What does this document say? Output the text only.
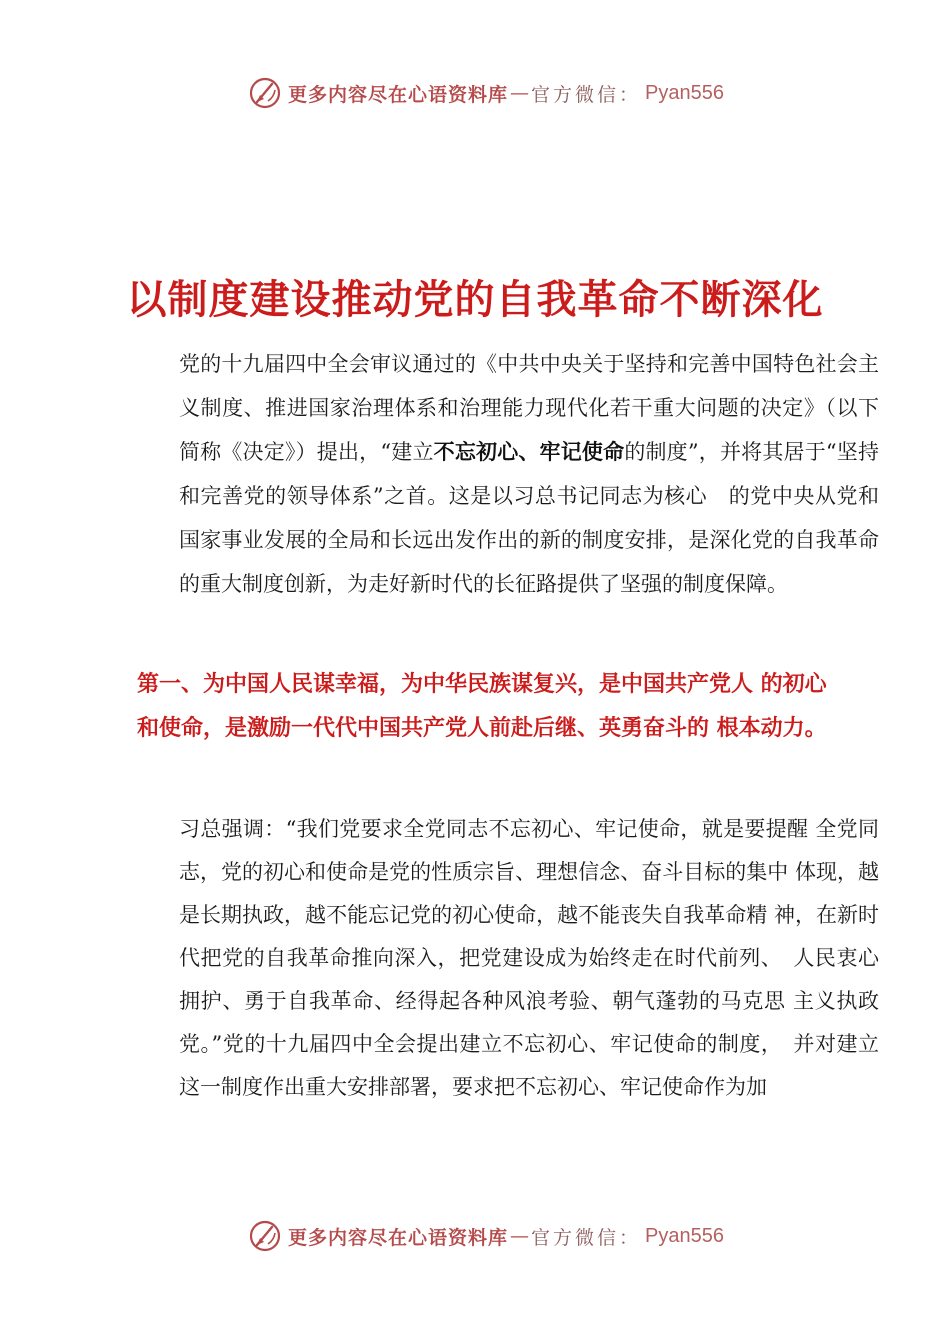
更多内容尽在心语资料库 — 官方微信： Pyan556
以制度建设推动党的自我革命不断深化

党的十九届四中全会审议通过的《中共中央关于坚持和完善中国特色社会主义制度、推进国家治理体系和治理能力现代化若干重大问题的决定》（以下简称《决定》）提出，“建立不忘初心、牢记使命的制度”，并将其居于“坚持和完善党的领导体系”之首。这是以习总书记同志为核心　的党中央从党和国家事业发展的全局和长远出发作出的新的制度安排，是深化党的自我革命的重大制度创新，为走好新时代的长征路提供了坚强的制度保障。

第一、为中国人民谋幸福，为中华民族谋复兴，是中国共产党人 的初心和使命，是激励一代代中国共产党人前赴后继、英勇奋斗的 根本动力。

习总强调：“我们党要求全党同志不忘初心、牢记使命，就是要提醒 全党同志，党的初心和使命是党的性质宗旨、理想信念、奋斗目标的集中 体现，越是长期执政，越不能忘记党的初心使命，越不能丧失自我革命精 神，在新时代把党的自我革命推向深入，把党建设成为始终走在时代前列、　人民衷心拥护、勇于自我革命、经得起各种风浪考验、朝气蓬勃的马克思 主义执政党。”党的十九届四中全会提出建立不忘初心、牢记使命的制度，　并对建立这一制度作出重大安排部署，要求把不忘初心、牢记使命作为加

更多内容尽在心语资料库 — 官方微信： Pyan556
